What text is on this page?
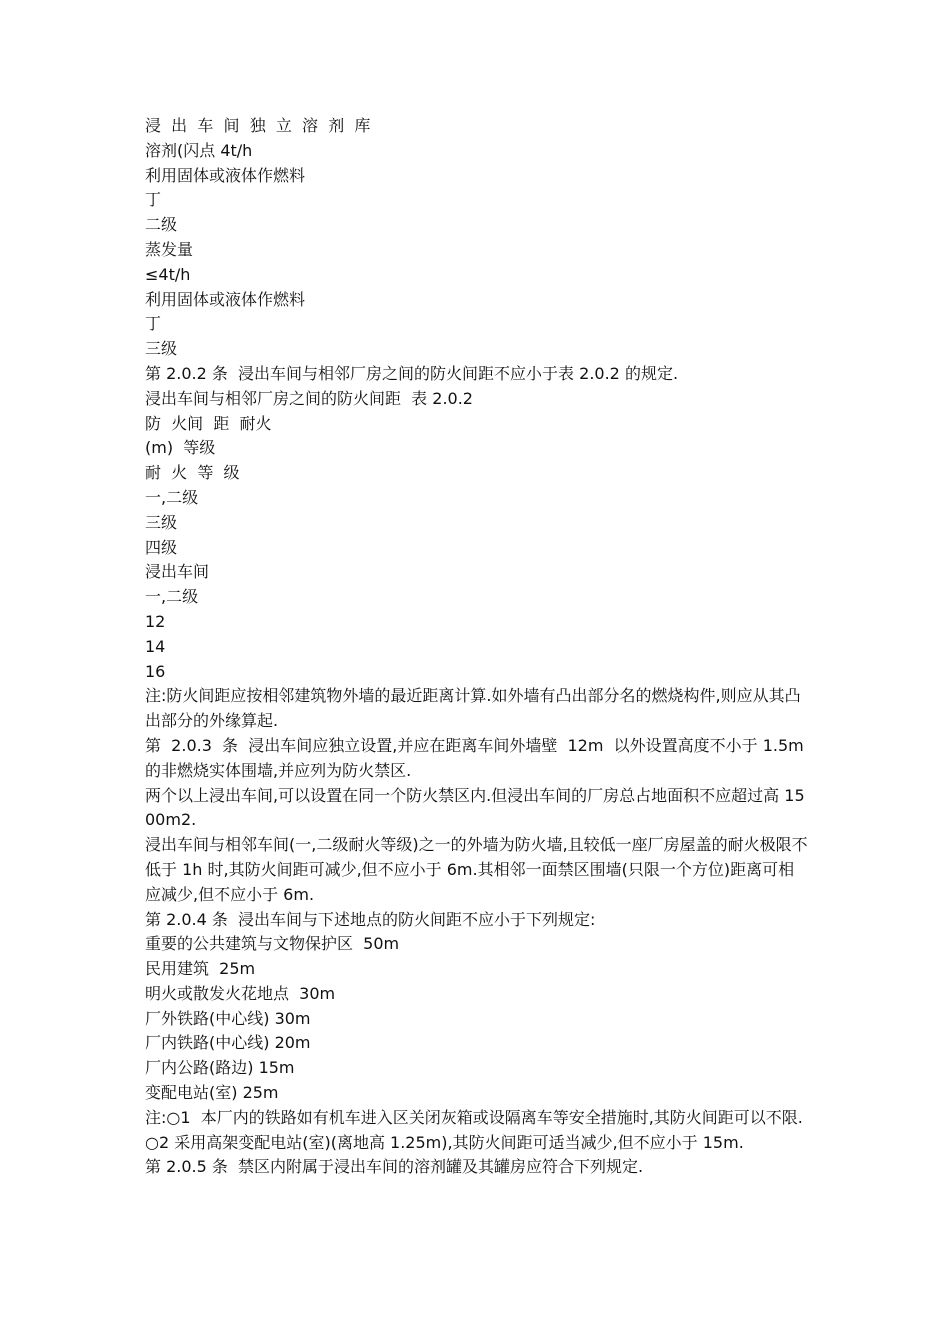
浸  出  车  间  独  立  溶  剂  库

溶剂(闪点 4t/h

利用固体或液体作燃料

丁

二级

蒸发量

≤4t/h

利用固体或液体作燃料

丁

三级

第 2.0.2 条  浸出车间与相邻厂房之间的防火间距不应小于表 2.0.2 的规定.

浸出车间与相邻厂房之间的防火间距  表 2.0.2

防  火间  距  耐火

(m)  等级

耐  火  等  级

一,二级

三级

四级

浸出车间

一,二级

12

14

16

注:防火间距应按相邻建筑物外墙的最近距离计算.如外墙有凸出部分名的燃烧构件,则应从其凸出部分的外缘算起.

第  2.0.3  条  浸出车间应独立设置,并应在距离车间外墙壁  12m  以外设置高度不小于 1.5m 的非燃烧实体围墙,并应列为防火禁区.

两个以上浸出车间,可以设置在同一个防火禁区内.但浸出车间的厂房总占地面积不应超过高 1500m2.

浸出车间与相邻车间(一,二级耐火等级)之一的外墙为防火墙,且较低一座厂房屋盖的耐火极限不低于 1h 时,其防火间距可减少,但不应小于 6m.其相邻一面禁区围墙(只限一个方位)距离可相应减少,但不应小于 6m.

第 2.0.4 条  浸出车间与下述地点的防火间距不应小于下列规定:

重要的公共建筑与文物保护区  50m

民用建筑  25m

明火或散发火花地点  30m

厂外铁路(中心线) 30m

厂内铁路(中心线) 20m

厂内公路(路边) 15m

变配电站(室) 25m

注:○1  本厂内的铁路如有机车进入区关闭灰箱或设隔离车等安全措施时,其防火间距可以不限.

○2 采用高架变配电站(室)(离地高 1.25m),其防火间距可适当减少,但不应小于 15m.

第 2.0.5 条  禁区内附属于浸出车间的溶剂罐及其罐房应符合下列规定.
